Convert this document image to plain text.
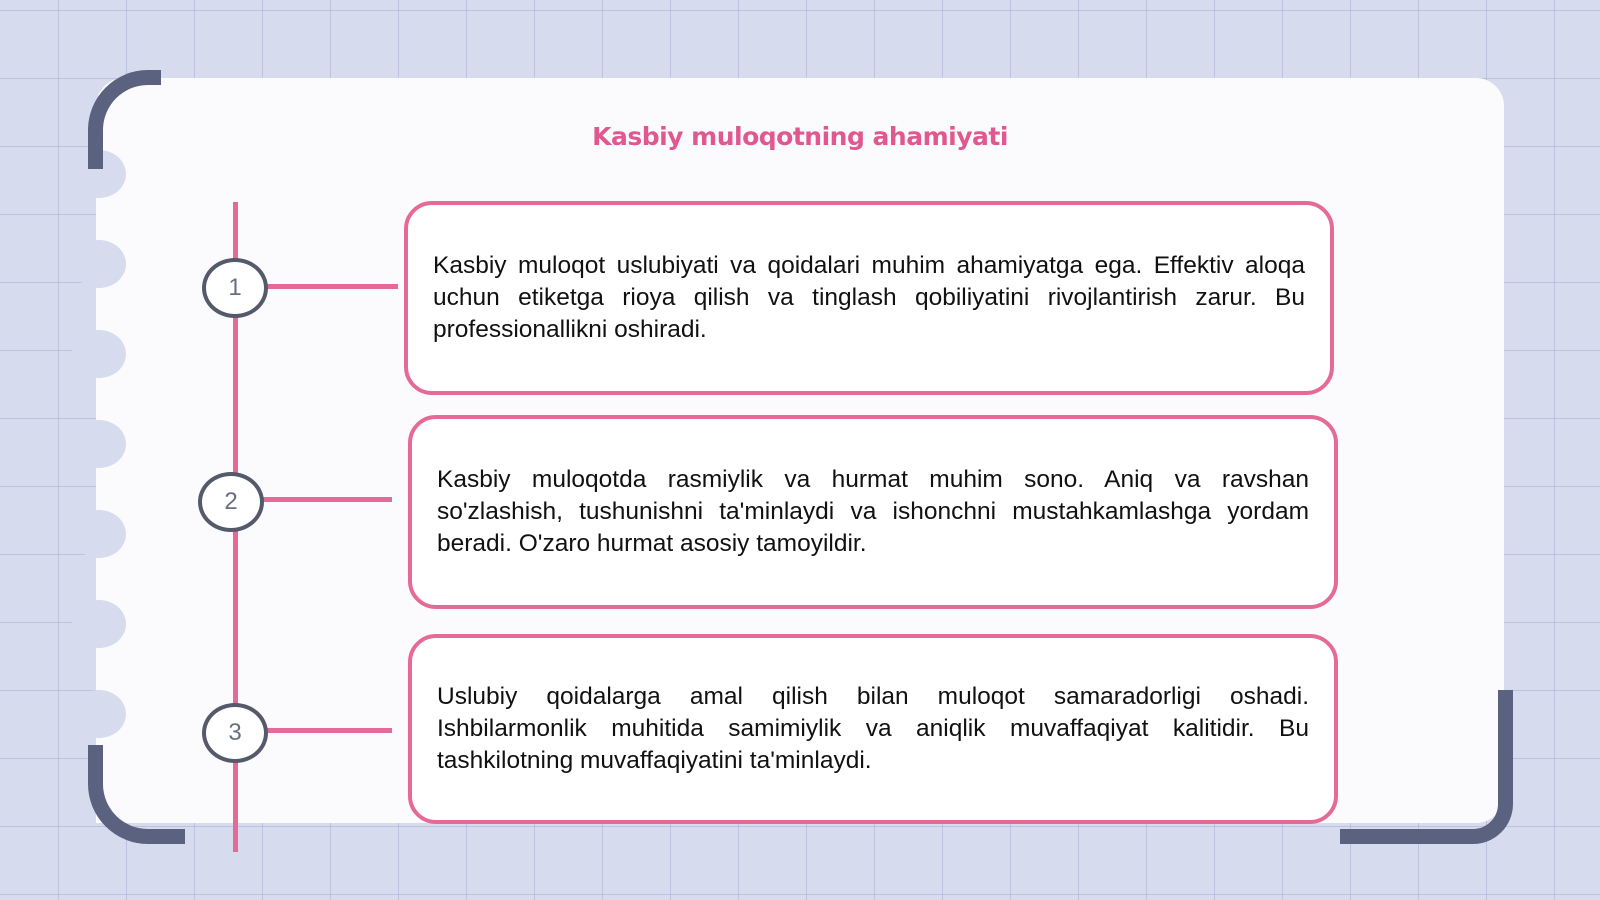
Kasbiy muloqotning ahamiyati
1
Kasbiy muloqot uslubiyati va qoidalari muhim ahamiyatga ega. Effektiv aloqa uchun etiketga rioya qilish va tinglash qobiliyatini rivojlantirish zarur. Bu professionallikni oshiradi.
2
Kasbiy muloqotda rasmiylik va hurmat muhim sono. Aniq va ravshan so'zlashish, tushunishni ta'minlaydi va ishonchni mustahkamlashga yordam beradi. O'zaro hurmat asosiy tamoyildir.
3
Uslubiy qoidalarga amal qilish bilan muloqot samaradorligi oshadi. Ishbilarmonlik muhitida samimiylik va aniqlik muvaffaqiyat kalitidir. Bu tashkilotning muvaffaqiyatini ta'minlaydi.
